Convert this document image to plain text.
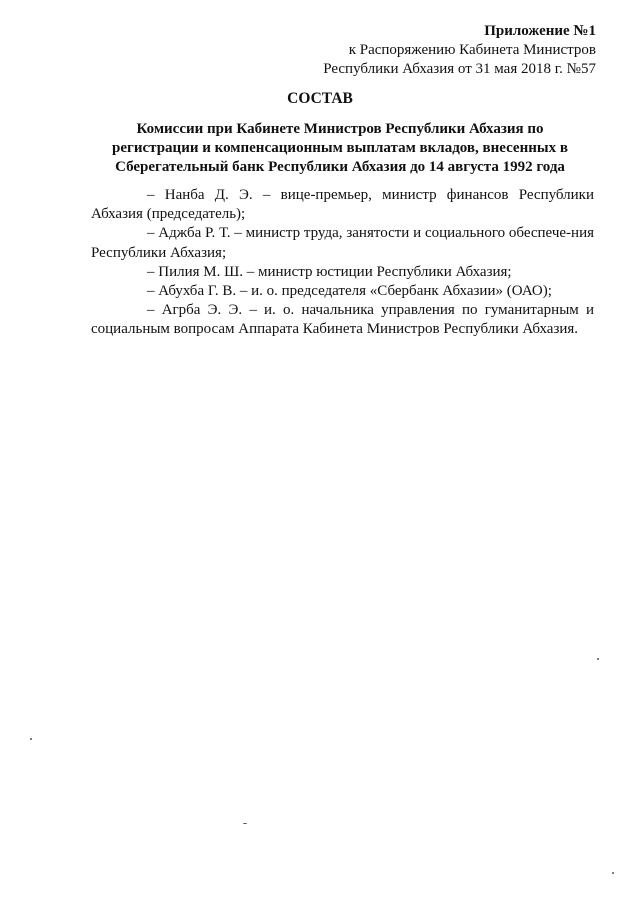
Приложение №1
к Распоряжению Кабинета Министров
Республики Абхазия от 31 мая 2018 г. №57
СОСТАВ
Комиссии при Кабинете Министров Республики Абхазия по
регистрации и компенсационным выплатам вкладов, внесенных в
Сберегательный банк Республики Абхазия до 14 августа 1992 года

– Нанба Д. Э. – вице-премьер, министр финансов Республики Абхазия (председатель);

– Аджба Р. Т. – министр труда, занятости и социального обеспече-ния Республики Абхазия;

– Пилия М. Ш. – министр юстиции Республики Абхазия;

– Абухба Г. В. – и. о. председателя «Сбербанк Абхазии» (ОАО);

– Агрба Э. Э. – и. о. начальника управления по гуманитарным и социальным вопросам Аппарата Кабинета Министров Республики Абхазия.
